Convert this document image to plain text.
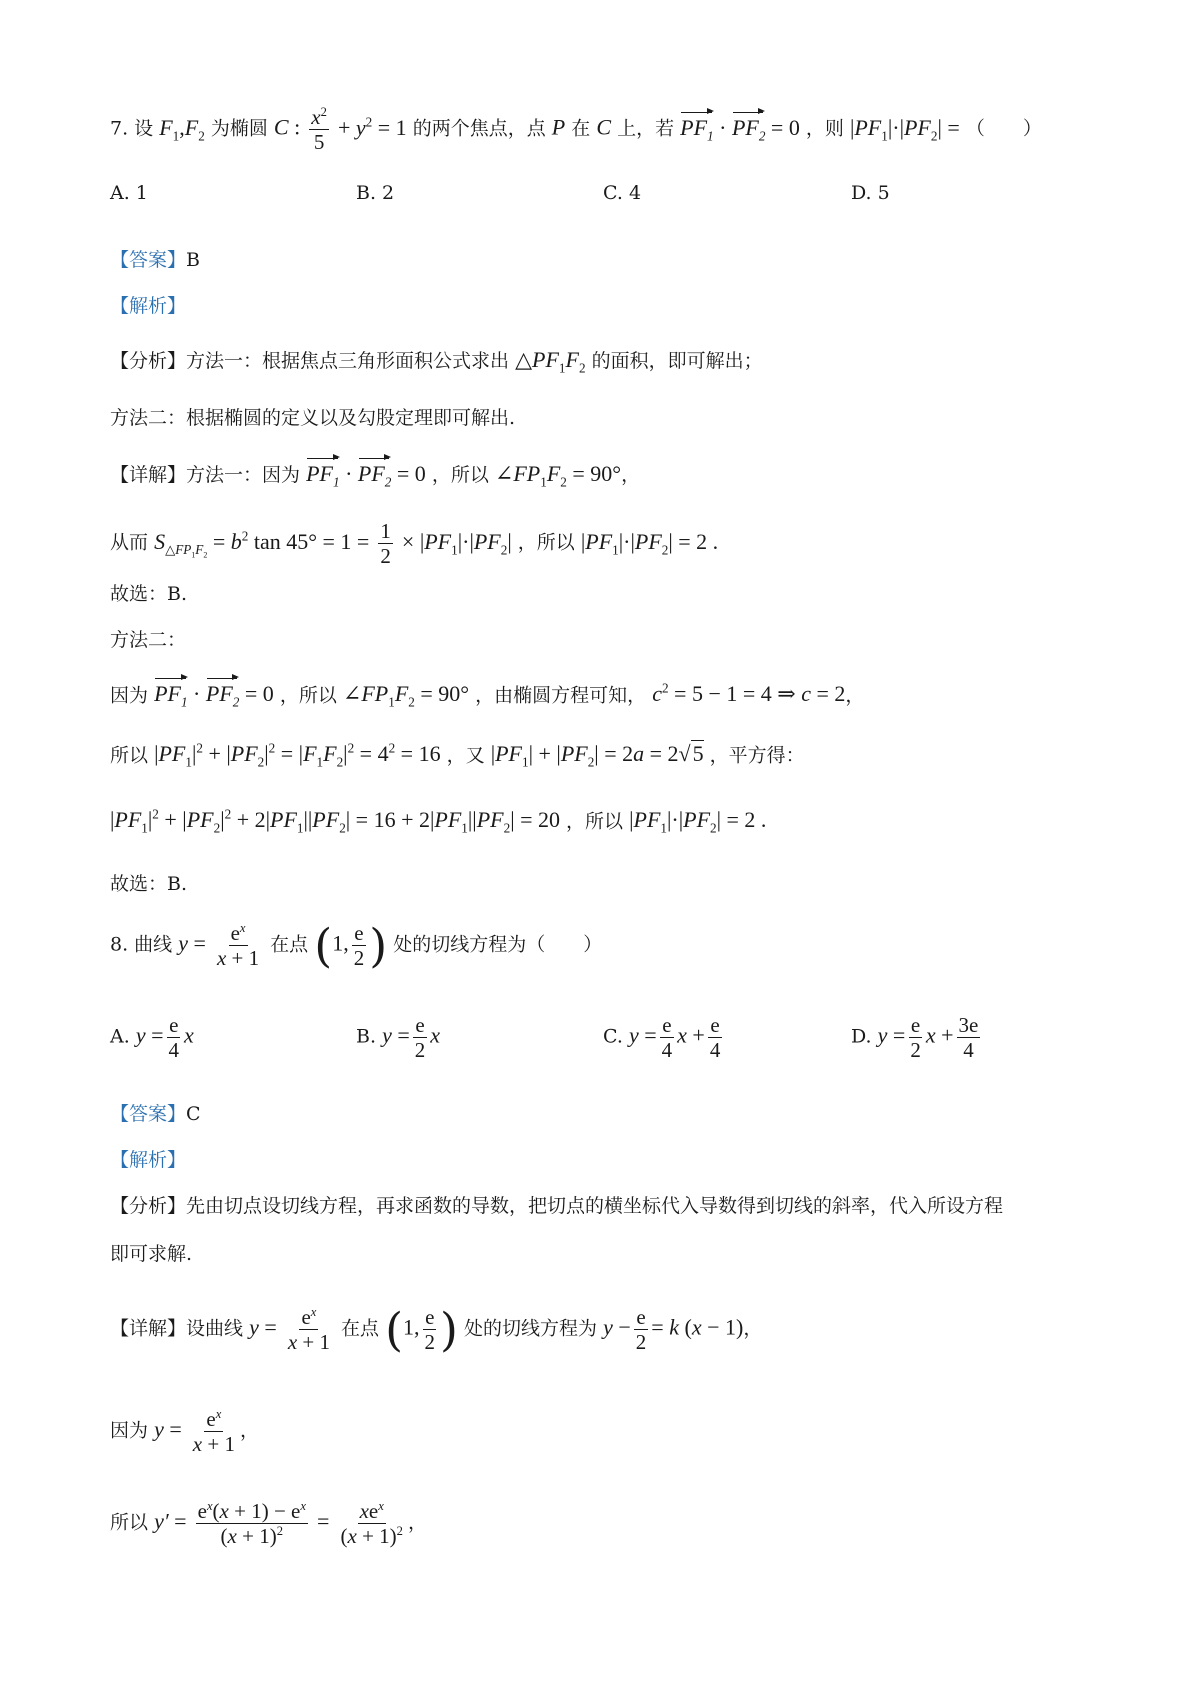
7. 设 $F_1,F_2$ 为椭圆 C : $\frac{x^2}{5} + y^2 = 1$ 的两个焦点，点 P 在 C 上，若 $PF_1 \cdot PF_2 = 0$ ，则 $|PF_1|\cdot|PF_2|$ = （　　）
A. 1	B. 2	C. 4	D. 5
【答案】B
【解析】
【分析】方法一：根据焦点三角形面积公式求出 $\triangle PF_1F_2$ 的面积，即可解出；
方法二：根据椭圆的定义以及勾股定理即可解出.
【详解】方法一：因为 $PF_1 \cdot PF_2 = 0$ ，所以 $\angle FP_1F_2 = 90^\circ$，
从而 $S_{\triangle FP_1F_2} = b^2$ $\tan 45^\circ = 1 = \frac{1}{2} \times |PF_1|\cdot|PF_2|$ ，所以 $|PF_1|\cdot|PF_2| = 2$ .
故选：B.
方法二：
因为 $PF_1 \cdot PF_2 = 0$ ，所以 $\angle FP_1F_2 = 90^\circ$ ，由椭圆方程可知， $c^2 = 5 - 1 = 4$ ⇒ c = 2，
所以 $|PF_1|^2 + |PF_2|^2 = |F_1F_2|^2 = 4^2 = 16$ ，又 $|PF_1| + |PF_2| = 2a = 2√5$ ，平方得：
$|PF_1|^2 + |PF_2|^2 + 2|PF_1||PF_2| = 16 + 2|PF_1||PF_2| = 20$ ，所以 $|PF_1|\cdot|PF_2| = 2$ .
故选：B.
8. 曲线 $y = \frac{e^x}{x + 1}$ 在点 (1, $\frac{e}{2}$ ) 处的切线方程为（　　）
A. $y = \frac{e}{4}$ x	B. $y = \frac{e}{2}$ x	C. $y = \frac{e}{4}$ $x + \frac{e}{4}$	D. $y = \frac{e}{2}$ $x + \frac{3e}{4}$
【答案】C
【解析】
【分析】先由切点设切线方程，再求函数的导数，把切点的横坐标代入导数得到切线的斜率，代入所设方程
即可求解.
【详解】设曲线 $y = \frac{e^x}{x + 1}$ 在点 (1, $\frac{e}{2}$ ) 处的切线方程为 $y - \frac{e}{2} = k$ (x − 1)，
因为 $y = \frac{e^x}{x + 1}$ ，
所以 $y' = \frac{e^x(x + 1) - e^x}{(x + 1)^2} = \frac{xe^x}{(x + 1)^2}$ ，
